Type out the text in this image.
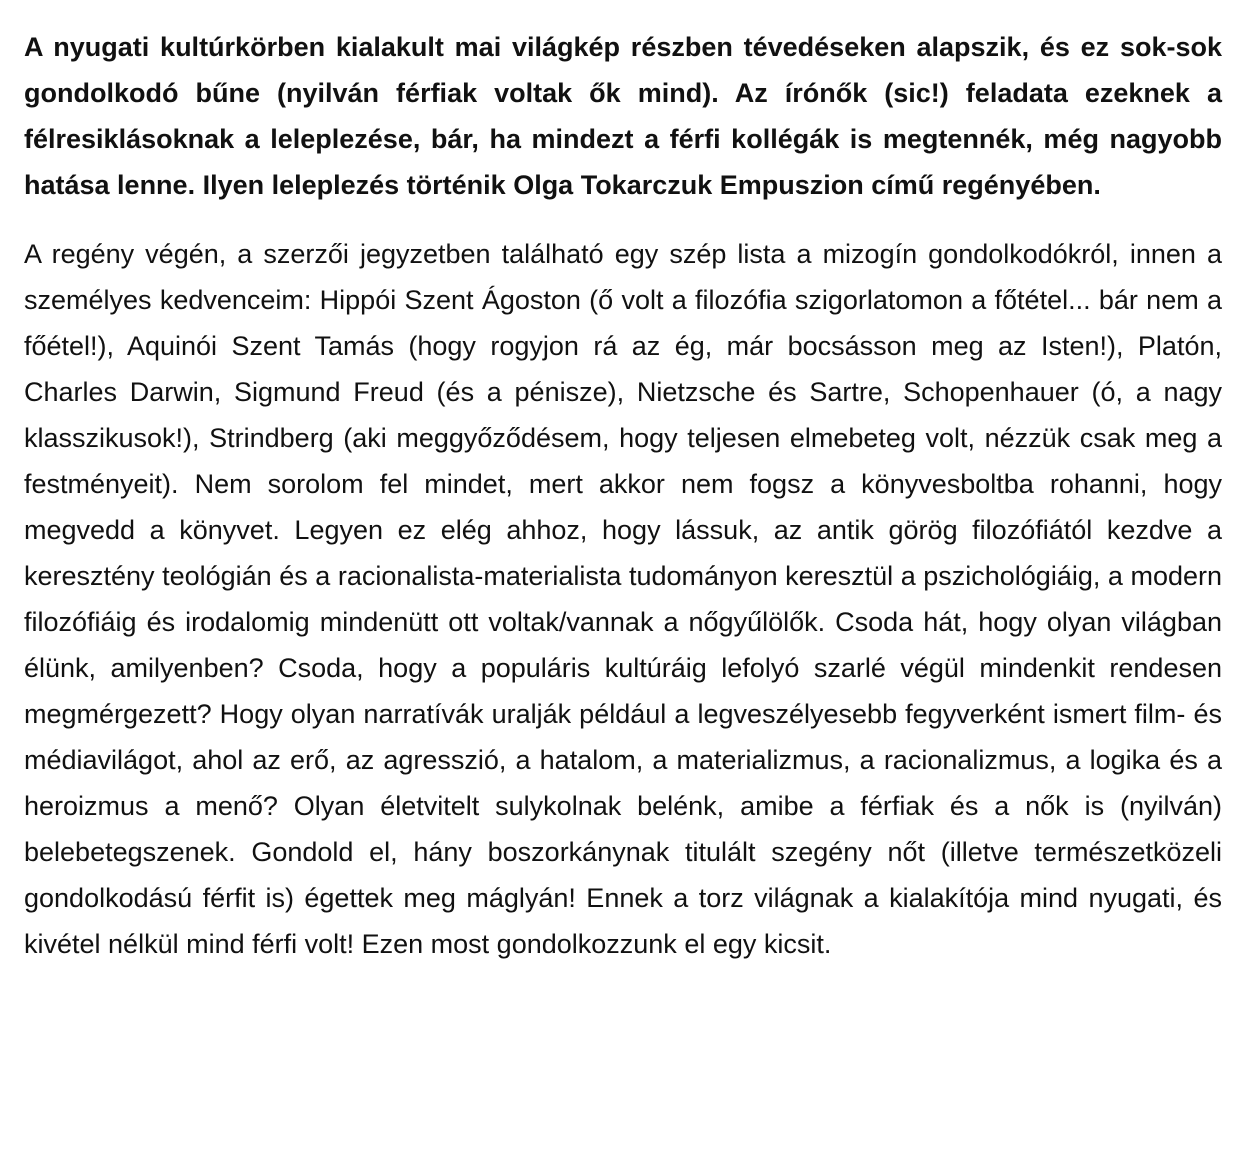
A nyugati kultúrkörben kialakult mai világkép részben tévedéseken alapszik, és ez sok-sok gondolkodó bűne (nyilván férfiak voltak ők mind). Az írónők (sic!) feladata ezeknek a félresiklásoknak a leleplezése, bár, ha mindezt a férfi kollégák is megtennék, még nagyobb hatása lenne. Ilyen leleplezés történik Olga Tokarczuk Empuszion című regényében.

A regény végén, a szerzői jegyzetben található egy szép lista a mizogín gondolkodókról, innen a személyes kedvenceim: Hippói Szent Ágoston (ő volt a filozófia szigorlatomon a főtétel... bár nem a főétel!), Aquinói Szent Tamás (hogy rogyjon rá az ég, már bocsásson meg az Isten!), Platón, Charles Darwin, Sigmund Freud (és a pénisze), Nietzsche és Sartre, Schopenhauer (ó, a nagy klasszikusok!), Strindberg (aki meggyőződésem, hogy teljesen elmebeteg volt, nézzük csak meg a festményeit). Nem sorolom fel mindet, mert akkor nem fogsz a könyvesboltba rohanni, hogy megvedd a könyvet. Legyen ez elég ahhoz, hogy lássuk, az antik görög filozófiától kezdve a keresztény teológián és a racionalista-materialista tudományon keresztül a pszichológiáig, a modern filozófiáig és irodalomig mindenütt ott voltak/vannak a nőgyűlölők. Csoda hát, hogy olyan világban élünk, amilyenben? Csoda, hogy a populáris kultúráig lefolyó szarlé végül mindenkit rendesen megmérgezett? Hogy olyan narratívák uralják például a legveszélyesebb fegyverként ismert film- és médiavilágot, ahol az erő, az agresszió, a hatalom, a materializmus, a racionalizmus, a logika és a heroizmus a menő? Olyan életvitelt sulykolnak belénk, amibe a férfiak és a nők is (nyilván) belebetegszenek. Gondold el, hány boszorkánynak titulált szegény nőt (illetve természetközeli gondolkodású férfit is) égettek meg máglyán! Ennek a torz világnak a kialakítója mind nyugati, és kivétel nélkül mind férfi volt! Ezen most gondolkozzunk el egy kicsit.
